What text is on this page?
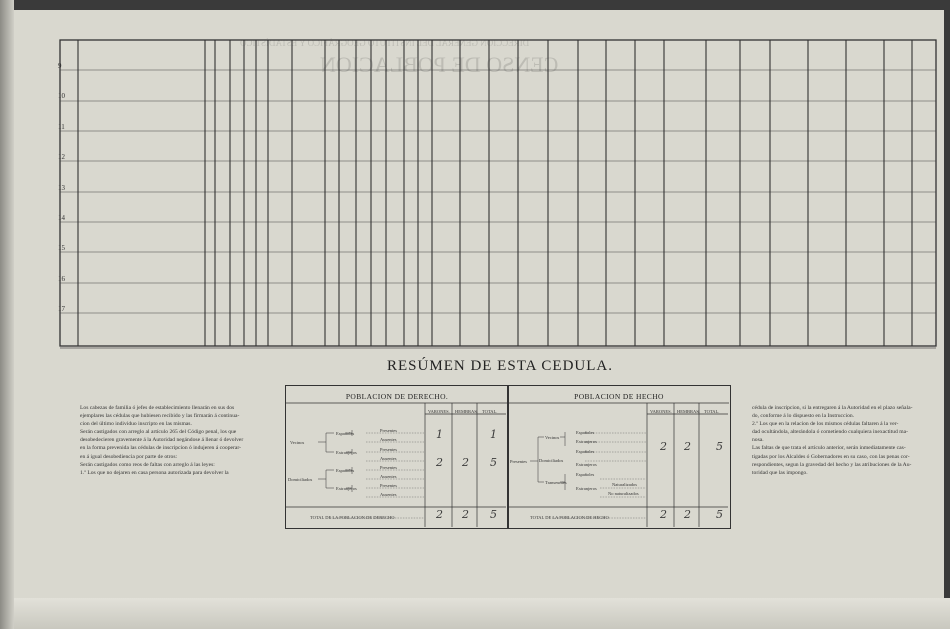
DIRECCION GENERAL DEL INSTITUTO GEOGRÁFICO Y ESTADÍSTICO
CENSO DE POBLACION
9
10
11
12
13
14
15
16
17
RESÚMEN DE ESTA CEDULA.
Los cabezas de familia ó jefes de establecimiento llenarán en sus dos
ejemplares las cédulas que hubiesen recibido y las firmarán á continua-
cion del último individuo inscripto en las mismas.
Serán castigados con arreglo al artículo 265 del Código penal, los que
desobedecieren gravemente á la Autoridad negándose á llenar ó devolver
en la forma prevenida las cédulas de inscripcion ó indujeren á cooperar-
en á igual desobediencia por parte de otros:
Serán castigados como reos de faltas con arreglo á las leyes:
1.º Los que no dejaren en casa persona autorizada para devolver la
cédula de inscripcion, si la entregaren á la Autoridad en el plazo señala-
do, conforme á lo dispuesto en la Instruccion.
2.º Los que en la relacion de los mismos cédulas faltaren á la ver-
dad ocultándola, alterándola ó cometiendo cualquiera inexactitud ma-
nosa.
Las faltas de que trata el artículo anterior, serán inmediatamente cas-
tigadas por los Alcaldes ó Gobernadores en su caso, con las penas cor-
respondientes, segun la gravedad del hecho y las atribuciones de la Au-
toridad que las impongo.
POBLACION DE DERECHO.	POBLACION DE HECHO
VARONES. HEMBRAS. TOTAL.
Vecinos
Españoles
Extranjeros
Presentes
Ausentes
Presentes
Ausentes
Domiciliados
Españoles
Extranjeros
Presentes
Ausentes
Presentes
Ausentes
TOTAL DE LA POBLACION DE DERECHO
1	1
2 2 5
2 2 5
VARONES. HEMBRAS. TOTAL.
Presentes
Vecinos
Domiciliados
Transeuntes
Españoles
Extranjeros
Españoles
Extranjeros
Españoles
Extranjeros
Naturalizados
No naturalizados
TOTAL DE LA POBLACION DE HECHO
2 2 5
2 2 5
